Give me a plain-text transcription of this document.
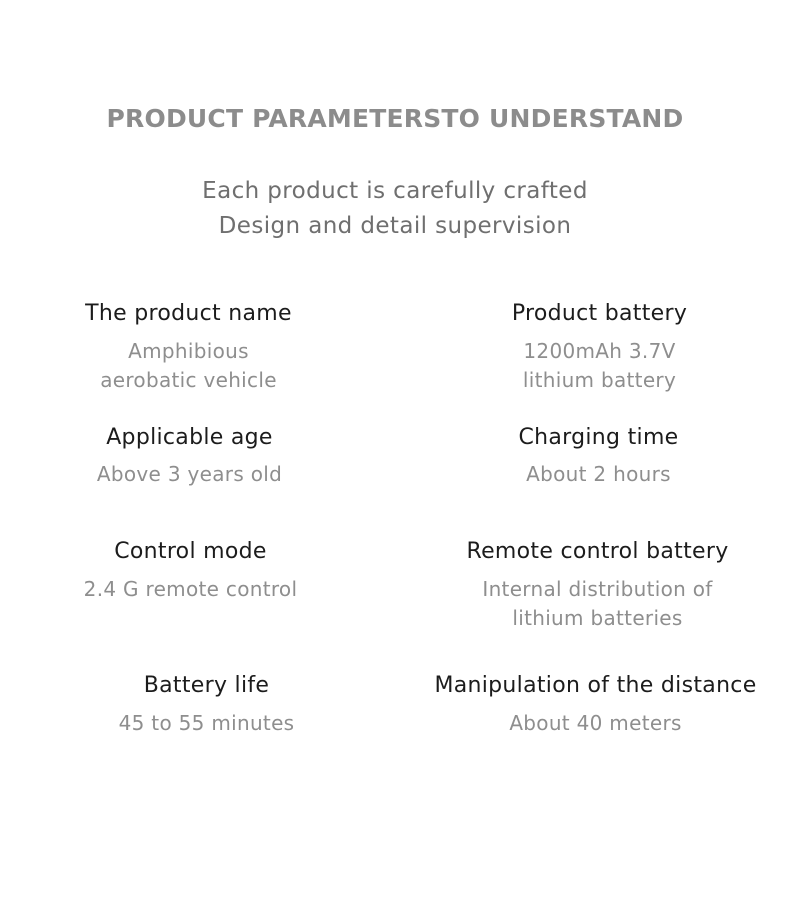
PRODUCT PARAMETERSTO UNDERSTAND
Each product is carefully crafted
Design and detail supervision
The product name
Amphibious
aerobatic vehicle
Product battery
1200mAh 3.7V
lithium battery
Applicable age
Above 3 years old
Charging time
About 2 hours
Control mode
2.4 G remote control
Remote control battery
Internal distribution of
lithium batteries
Battery life
45 to 55 minutes
Manipulation of the distance
About 40 meters
